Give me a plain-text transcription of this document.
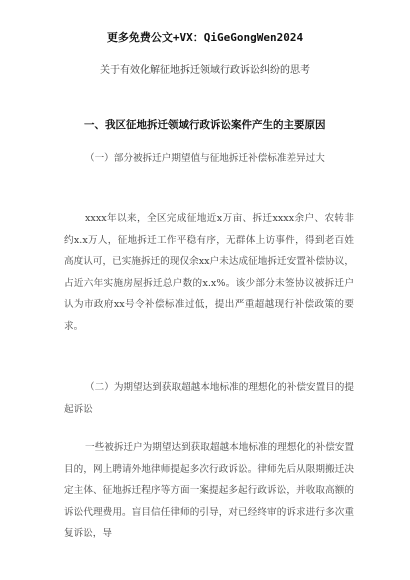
更多免费公文+VX：QiGeGongWen2024
关于有效化解征地拆迁领域行政诉讼纠纷的思考
一、我区征地拆迁领域行政诉讼案件产生的主要原因

（一）部分被拆迁户期望值与征地拆迁补偿标准差异过大

xxxx年以来，全区完成征地近x万亩、拆迁xxxx余户、农转非约x.x万人，征地拆迁工作平稳有序，无群体上访事件，得到老百姓高度认可，已实施拆迁的现仅余xx户未达成征地拆迁安置补偿协议，占近六年实施房屋拆迁总户数的x.x%。该少部分未签协议被拆迁户认为市政府xx号令补偿标准过低，提出严重超越现行补偿政策的要求。

（二）为期望达到获取超越本地标准的理想化的补偿安置目的提起诉讼

一些被拆迁户为期望达到获取超越本地标准的理想化的补偿安置目的，网上聘请外地律师提起多次行政诉讼。律师先后从限期搬迁决定主体、征地拆迁程序等方面一案提起多起行政诉讼，并收取高额的诉讼代理费用。盲目信任律师的引导，对已经终审的诉求进行多次重复诉讼，导
